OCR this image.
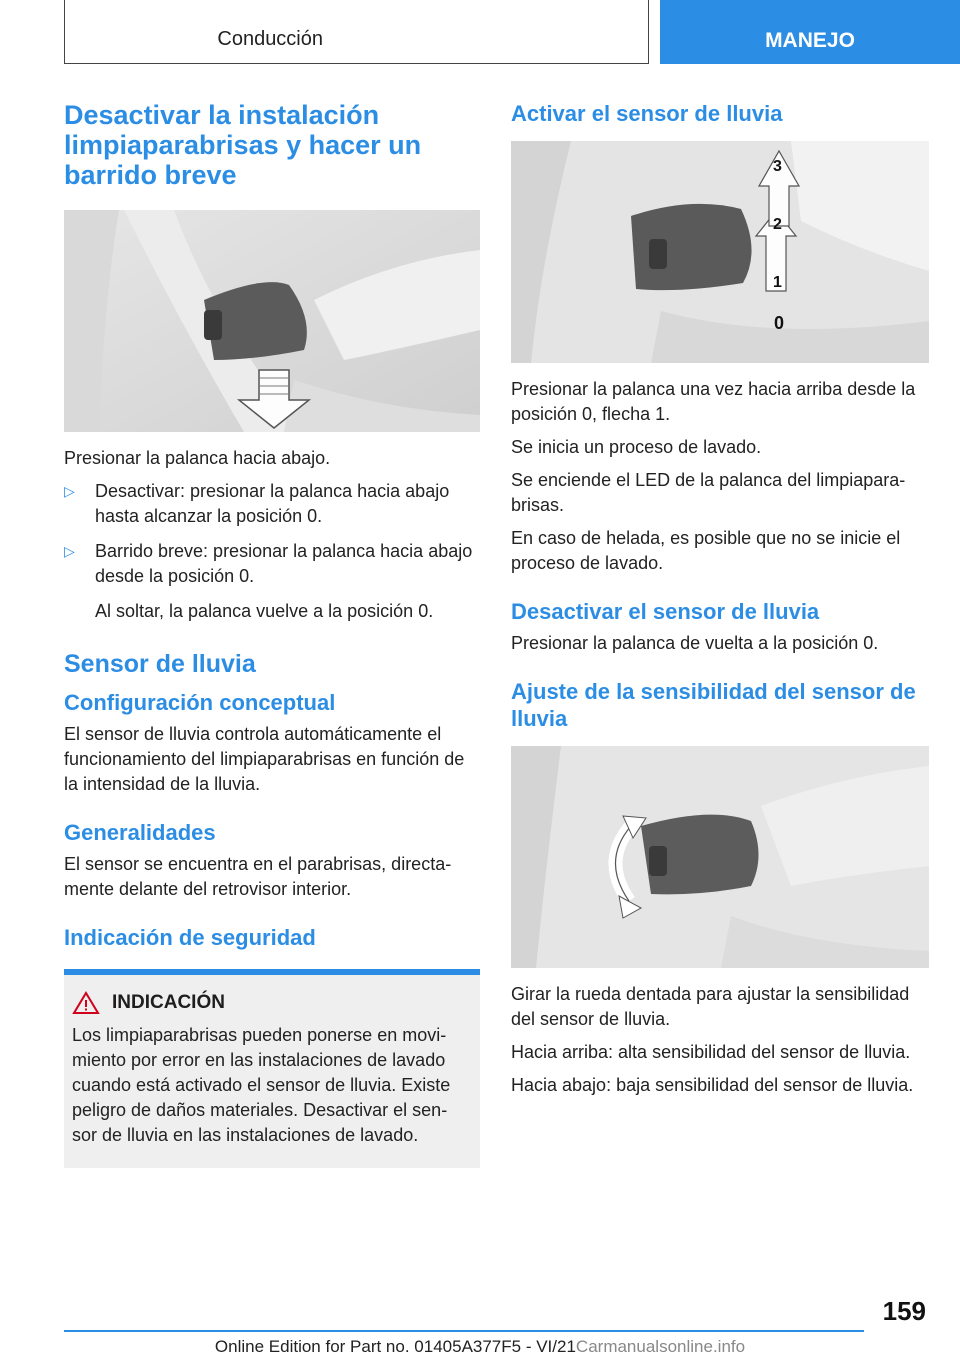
Conducción	MANEJO
Desactivar la instalación limpiaparabrisas y hacer un barrido breve

Presionar la palanca hacia abajo.

▷ Desactivar: presionar la palanca hacia abajo hasta alcanzar la posición 0.
▷ Barrido breve: presionar la palanca hacia abajo desde la posición 0.

Al soltar, la palanca vuelve a la posición 0.

Sensor de lluvia
Configuración conceptual

El sensor de lluvia controla automáticamente el funcionamiento del limpiaparabrisas en función de la intensidad de la lluvia.

Generalidades

El sensor se encuentra en el parabrisas, directa-mente delante del retrovisor interior.

Indicación de seguridad
INDICACIÓN

Los limpiaparabrisas pueden ponerse en movi-miento por error en las instalaciones de lavado cuando está activado el sensor de lluvia. Existe peligro de daños materiales. Desactivar el sen-sor de lluvia en las instalaciones de lavado.

Activar el sensor de lluvia
0
1
2
3

Presionar la palanca una vez hacia arriba desde la posición 0, flecha 1.

Se inicia un proceso de lavado.

Se enciende el LED de la palanca del limpiapara-brisas.

En caso de helada, es posible que no se inicie el proceso de lavado.

Desactivar el sensor de lluvia

Presionar la palanca de vuelta a la posición 0.

Ajuste de la sensibilidad del sensor de lluvia

Girar la rueda dentada para ajustar la sensibilidad del sensor de lluvia.

Hacia arriba: alta sensibilidad del sensor de lluvia.

Hacia abajo: baja sensibilidad del sensor de lluvia.

159
Online Edition for Part no. 01405A377F5 - VI/21Carmanualsonline.info
